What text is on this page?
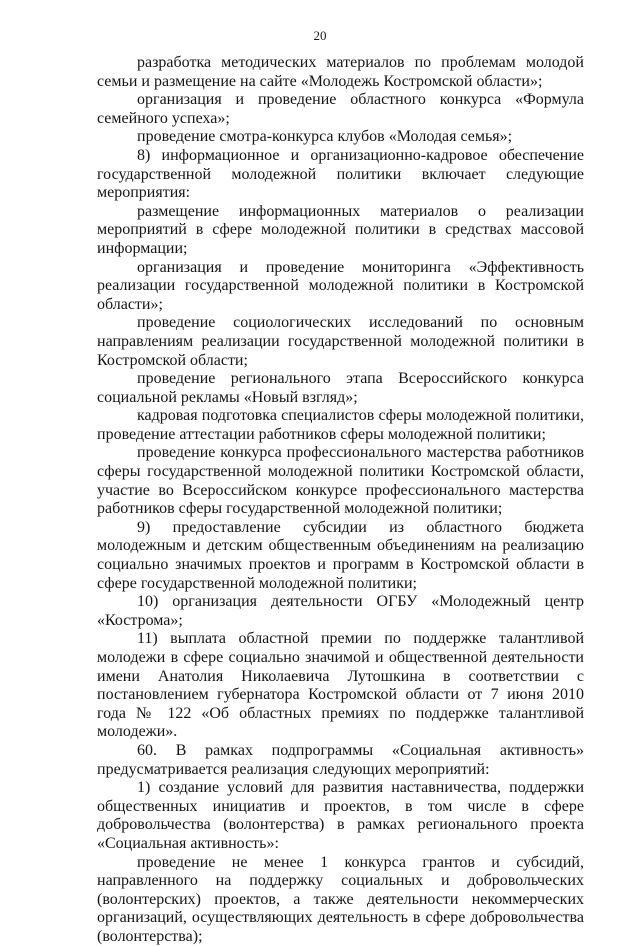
20

разработка методических материалов по проблемам молодой семьи и размещение на сайте «Молодежь Костромской области»;

организация и проведение областного конкурса «Формула семейного успеха»;

проведение смотра-конкурса клубов «Молодая семья»;

8) информационное и организационно-кадровое обеспечение государственной молодежной политики включает следующие мероприятия:

размещение информационных материалов о реализации мероприятий в сфере молодежной политики в средствах массовой информации;

организация и проведение мониторинга «Эффективность реализации государственной молодежной политики в Костромской области»;

проведение социологических исследований по основным направлениям реализации государственной молодежной политики в Костромской области;

проведение регионального этапа Всероссийского конкурса социальной рекламы «Новый взгляд»;

кадровая подготовка специалистов сферы молодежной политики, проведение аттестации работников сферы молодежной политики;

проведение конкурса профессионального мастерства работников сферы государственной молодежной политики Костромской области, участие во Всероссийском конкурсе профессионального мастерства работников сферы государственной молодежной политики;

9) предоставление субсидии из областного бюджета молодежным и детским общественным объединениям на реализацию социально значимых проектов и программ в Костромской области в сфере государственной молодежной политики;

10) организация деятельности ОГБУ «Молодежный центр «Кострома»;

11) выплата областной премии по поддержке талантливой молодежи в сфере социально значимой и общественной деятельности имени Анатолия Николаевича Лутошкина в соответствии с постановлением губернатора Костромской области от 7 июня 2010 года № 122 «Об областных премиях по поддержке талантливой молодежи».

60. В рамках подпрограммы «Социальная активность» предусматривается реализация следующих мероприятий:

1) создание условий для развития наставничества, поддержки общественных инициатив и проектов, в том числе в сфере добровольчества (волонтерства) в рамках регионального проекта «Социальная активность»:

проведение не менее 1 конкурса грантов и субсидий, направленного на поддержку социальных и добровольческих (волонтерских) проектов, а также деятельности некоммерческих организаций, осуществляющих деятельность в сфере добровольчества (волонтерства);
